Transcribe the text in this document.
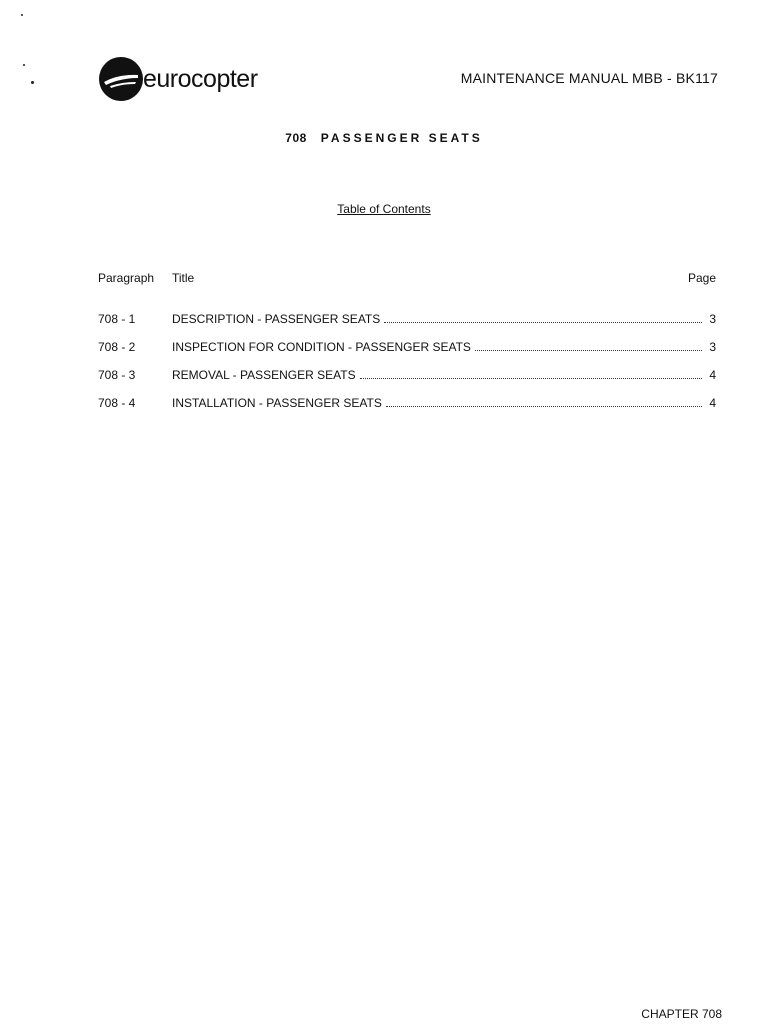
eurocopter	MAINTENANCE MANUAL MBB - BK117
708 PASSENGER SEATS
Table of Contents
Paragraph Title	Page
708 - 1	DESCRIPTION - PASSENGER SEATS	3
708 - 2	INSPECTION FOR CONDITION - PASSENGER SEATS	3
708 - 3	REMOVAL - PASSENGER SEATS	4
708 - 4	INSTALLATION - PASSENGER SEATS	4
CHAPTER 708
